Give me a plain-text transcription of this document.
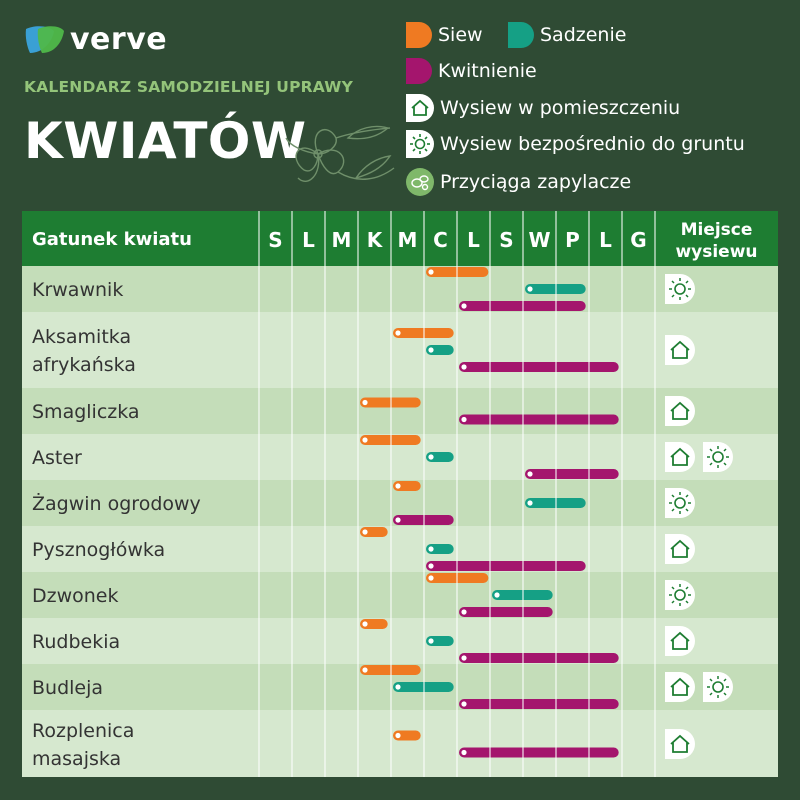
verve
KALENDARZ SAMODZIELNEJ UPRAWY
KWIATÓW
Siew	Sadzenie
Kwitnienie
Wysiew w pomieszczeniu
Wysiew bezpośrednio do gruntu
Przyciąga zapylacze
Gatunek kwiatu	S L M K M C L S W P L G Miejsce
wysiewu
Krwawnik
Aksamitka
afrykańska
Smagliczka
Aster
Żagwin ogrodowy
Pysznogłówka
Dzwonek
Rudbekia
Budleja
Rozplenica
masajska
